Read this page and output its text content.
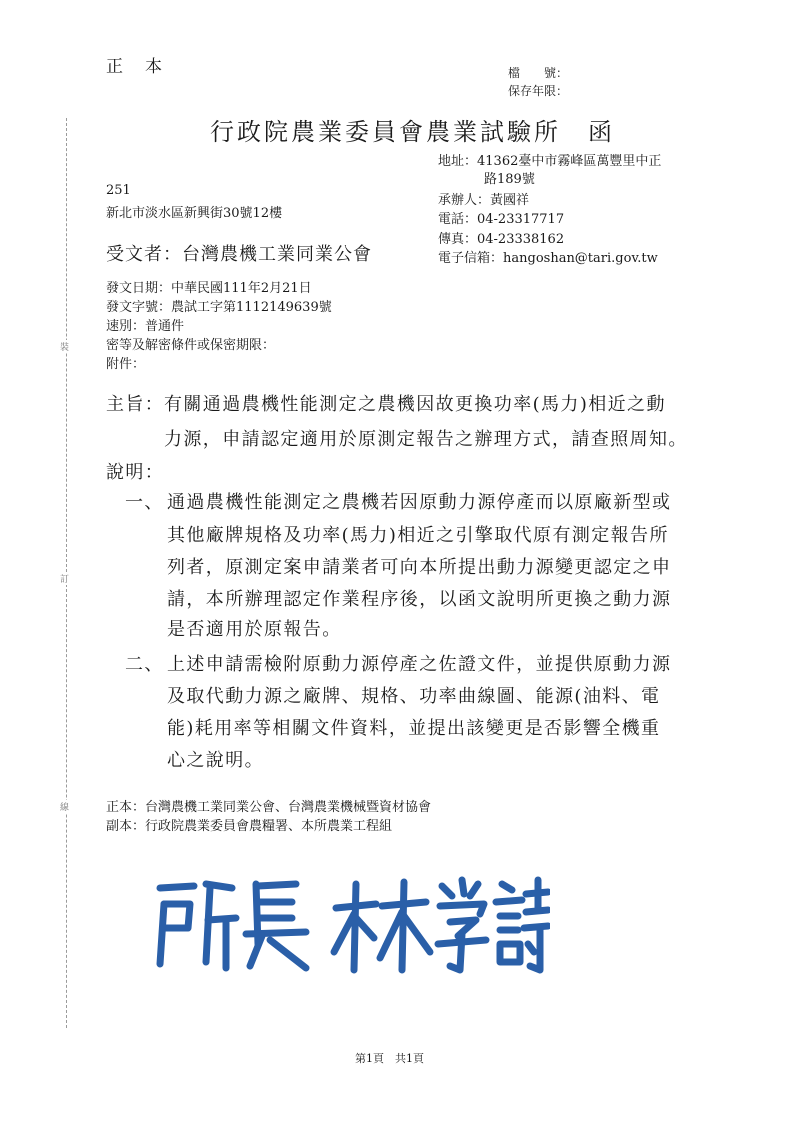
裝
訂
線
正本	檔　　號：
保存年限：
行政院農業委員會農業試驗所　函
地址：41362臺中市霧峰區萬豐里中正
路189號
承辦人：黃國祥
電話：04-23317717
傳真：04-23338162
電子信箱：hangoshan@tari.gov.tw
251
新北市淡水區新興街30號12樓
受文者：台灣農機工業同業公會
發文日期：中華民國111年2月21日
發文字號：農試工字第1112149639號
速別：普通件
密等及解密條件或保密期限：
附件：
主旨： 有關通過農機性能測定之農機因故更換功率(馬力)相近之動
力源，申請認定適用於原測定報告之辦理方式，請查照周知。
說明：
一、 通過農機性能測定之農機若因原動力源停產而以原廠新型或
其他廠牌規格及功率(馬力)相近之引擎取代原有測定報告所
列者，原測定案申請業者可向本所提出動力源變更認定之申
請，本所辦理認定作業程序後，以函文說明所更換之動力源
是否適用於原報告。
二、 上述申請需檢附原動力源停產之佐證文件，並提供原動力源
及取代動力源之廠牌、規格、功率曲線圖、能源(油料、電
能)耗用率等相關文件資料，並提出該變更是否影響全機重
心之說明。
正本：台灣農機工業同業公會、台灣農業機械暨資材協會
副本：行政院農業委員會農糧署、本所農業工程組
第1頁　共1頁
